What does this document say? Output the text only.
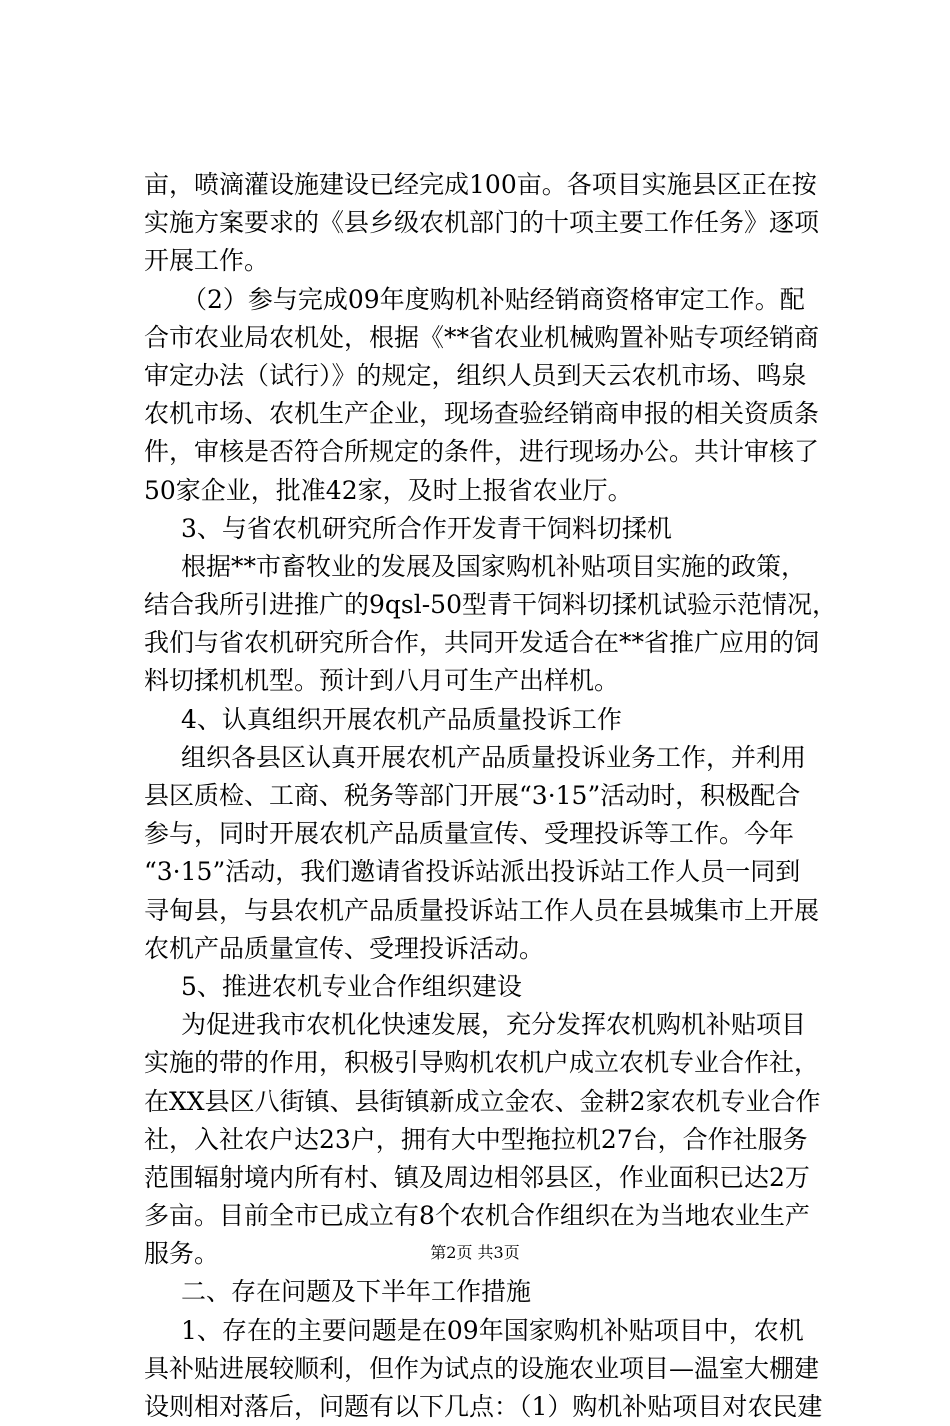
亩，喷滴灌设施建设已经完成100亩。各项目实施县区正在按
实施方案要求的《县乡级农机部门的十项主要工作任务》逐项
开展工作。
（2）参与完成09年度购机补贴经销商资格审定工作。配
合市农业局农机处，根据《**省农业机械购置补贴专项经销商
审定办法（试行）》的规定，组织人员到天云农机市场、鸣泉
农机市场、农机生产企业，现场查验经销商申报的相关资质条
件，审核是否符合所规定的条件，进行现场办公。共计审核了
50家企业，批准42家，及时上报省农业厅。
3、与省农机研究所合作开发青干饲料切揉机
根据**市畜牧业的发展及国家购机补贴项目实施的政策，
结合我所引进推广的9qsl-50型青干饲料切揉机试验示范情况，
我们与省农机研究所合作，共同开发适合在**省推广应用的饲
料切揉机机型。预计到八月可生产出样机。
4、认真组织开展农机产品质量投诉工作
组织各县区认真开展农机产品质量投诉业务工作，并利用
县区质检、工商、税务等部门开展“3·15”活动时，积极配合
参与，同时开展农机产品质量宣传、受理投诉等工作。今年
“3·15”活动，我们邀请省投诉站派出投诉站工作人员一同到
寻甸县，与县农机产品质量投诉站工作人员在县城集市上开展
农机产品质量宣传、受理投诉活动。
5、推进农机专业合作组织建设
为促进我市农机化快速发展，充分发挥农机购机补贴项目
实施的带的作用，积极引导购机农机户成立农机专业合作社，
在XX县区八街镇、县街镇新成立金农、金耕2家农机专业合作
社，入社农户达23户，拥有大中型拖拉机27台，合作社服务
范围辐射境内所有村、镇及周边相邻县区，作业面积已达2万
多亩。目前全市已成立有8个农机合作组织在为当地农业生产
服务。
二、存在问题及下半年工作措施
1、存在的主要问题是在09年国家购机补贴项目中，农机
具补贴进展较顺利，但作为试点的设施农业项目—温室大棚建
设则相对落后，问题有以下几点：（1）购机补贴项目对农民建
第2页 共3页
